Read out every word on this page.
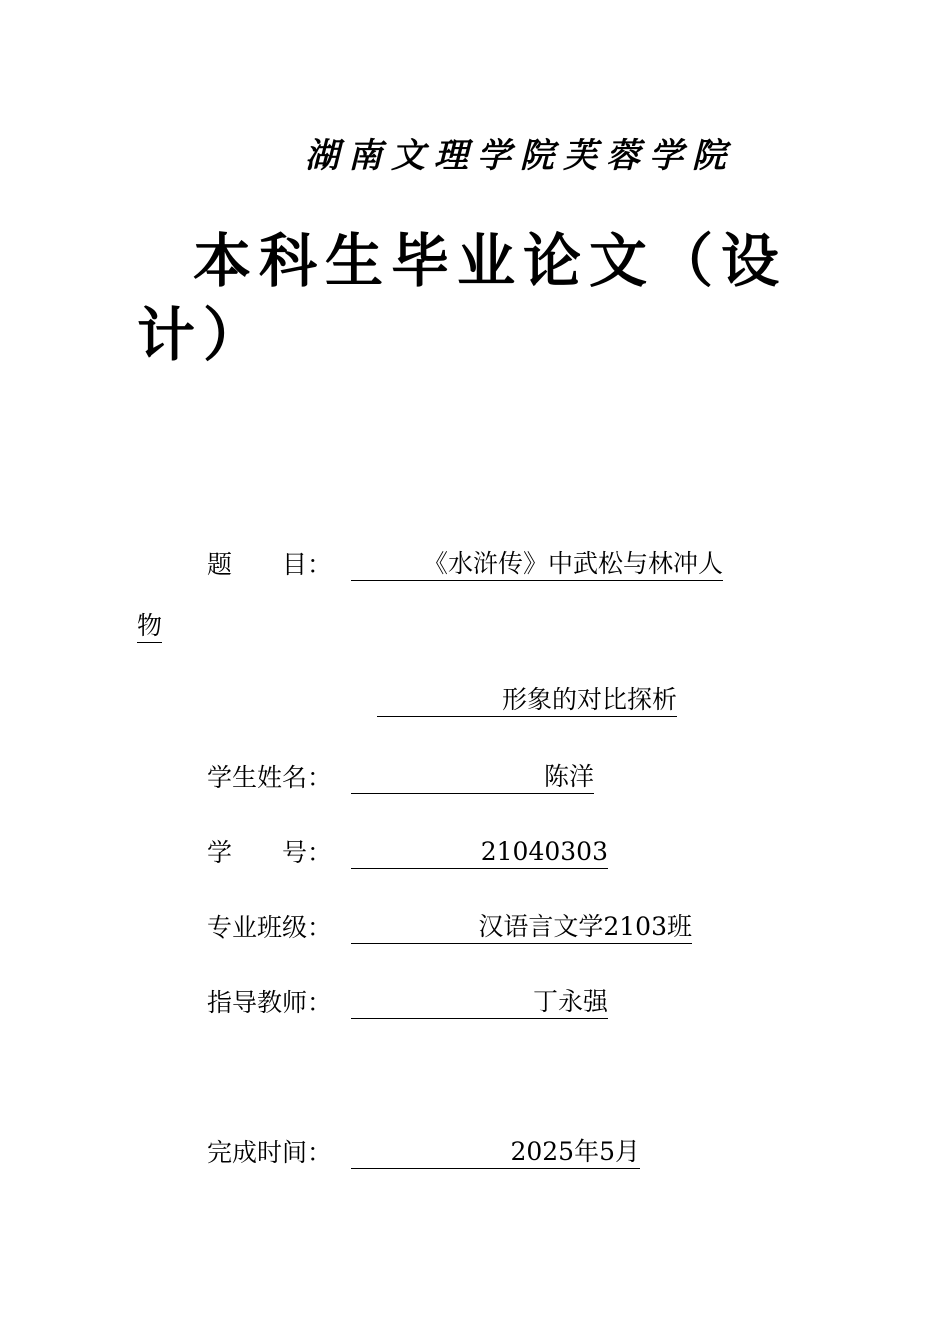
湖南文理学院芙蓉学院
本科生毕业论文（设
计）
题　　目：	《水浒传》中武松与林冲人
物
形象的对比探析
学生姓名：	陈洋
学　　号：	21040303
专业班级：	汉语言文学2103班
指导教师：	丁永强
完成时间：	2025年5月
